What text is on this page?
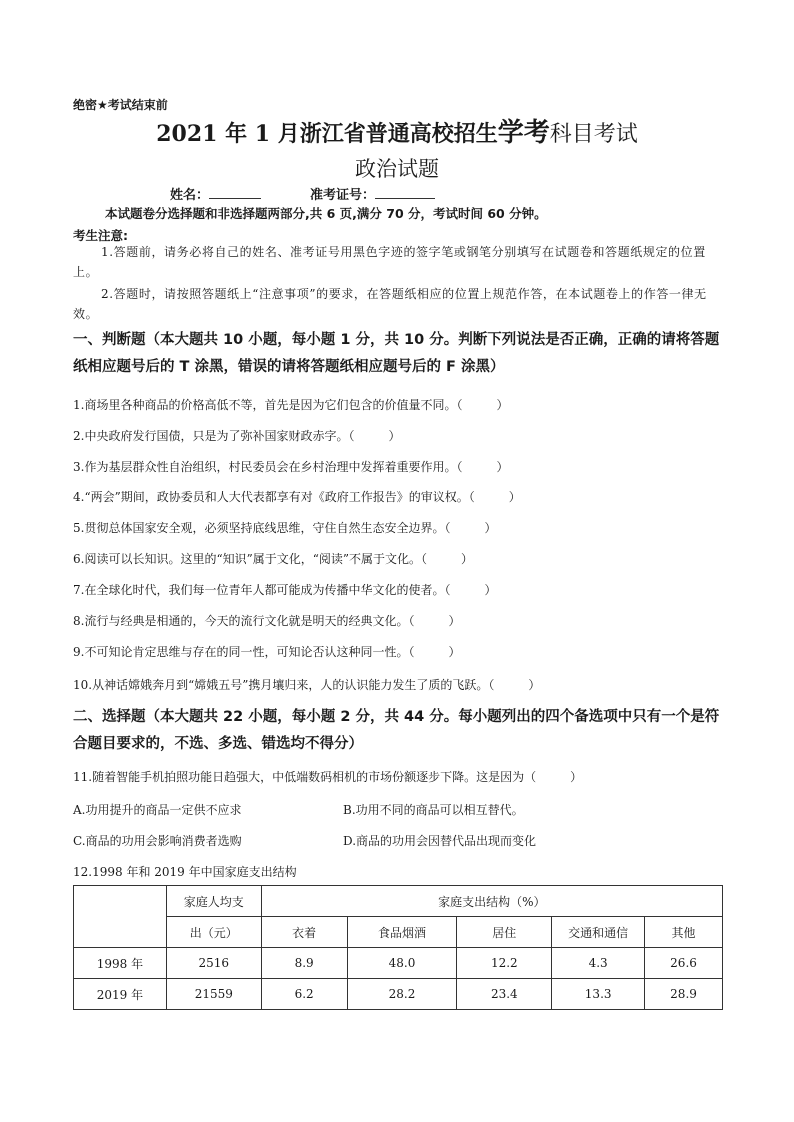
绝密★考试结束前
2021 年 1 月浙江省普通高校招生学考科目考试
政治试题
姓名：	准考证号：
本试题卷分选择题和非选择题两部分,共 6 页,满分 70 分，考试时间 60 分钟。
考生注意:
1.答题前，请务必将自己的姓名、准考证号用黑色字迹的签字笔或钢笔分别填写在试题卷和答题纸规定的位置上。
2.答题时，请按照答题纸上“注意事项”的要求，在答题纸相应的位置上规范作答，在本试题卷上的作答一律无效。
一、判断题（本大题共 10 小题，每小题 1 分，共 10 分。判断下列说法是否正确，正确的请将答题纸相应题号后的 T 涂黑，错误的请将答题纸相应题号后的 F 涂黑）
1.商场里各种商品的价格高低不等，首先是因为它们包含的价值量不同。（	）
2.中央政府发行国债，只是为了弥补国家财政赤字。（	）
3.作为基层群众性自治组织，村民委员会在乡村治理中发挥着重要作用。（	）
4.“两会”期间，政协委员和人大代表都享有对《政府工作报告》的审议权。（	）
5.贯彻总体国家安全观，必须坚持底线思维，守住自然生态安全边界。（	）
6.阅读可以长知识。这里的“知识”属于文化，“阅读”不属于文化。（	）
7.在全球化时代，我们每一位青年人都可能成为传播中华文化的使者。（	）
8.流行与经典是相通的，今天的流行文化就是明天的经典文化。（	）
9.不可知论肯定思维与存在的同一性，可知论否认这种同一性。（	）
10.从神话嫦娥奔月到“嫦娥五号”携月壤归来，人的认识能力发生了质的飞跃。（	）
二、选择题（本大题共 22 小题，每小题 2 分，共 44 分。每小题列出的四个备选项中只有一个是符合题目要求的，不选、多选、错选均不得分）
11.随着智能手机拍照功能日趋强大，中低端数码相机的市场份额逐步下降。这是因为（	）
A.功用提升的商品一定供不应求	B.功用不同的商品可以相互替代。
C.商品的功用会影响消费者选购	D.商品的功用会因替代品出现而变化
12.1998 年和 2019 年中国家庭支出结构
	家庭人均支	家庭支出结构（%）				
	出（元）	衣着	食品烟酒	居住	交通和通信	其他
1998 年	2516	8.9	48.0	12.2	4.3	26.6
2019 年	21559	6.2	28.2	23.4	13.3	28.9
